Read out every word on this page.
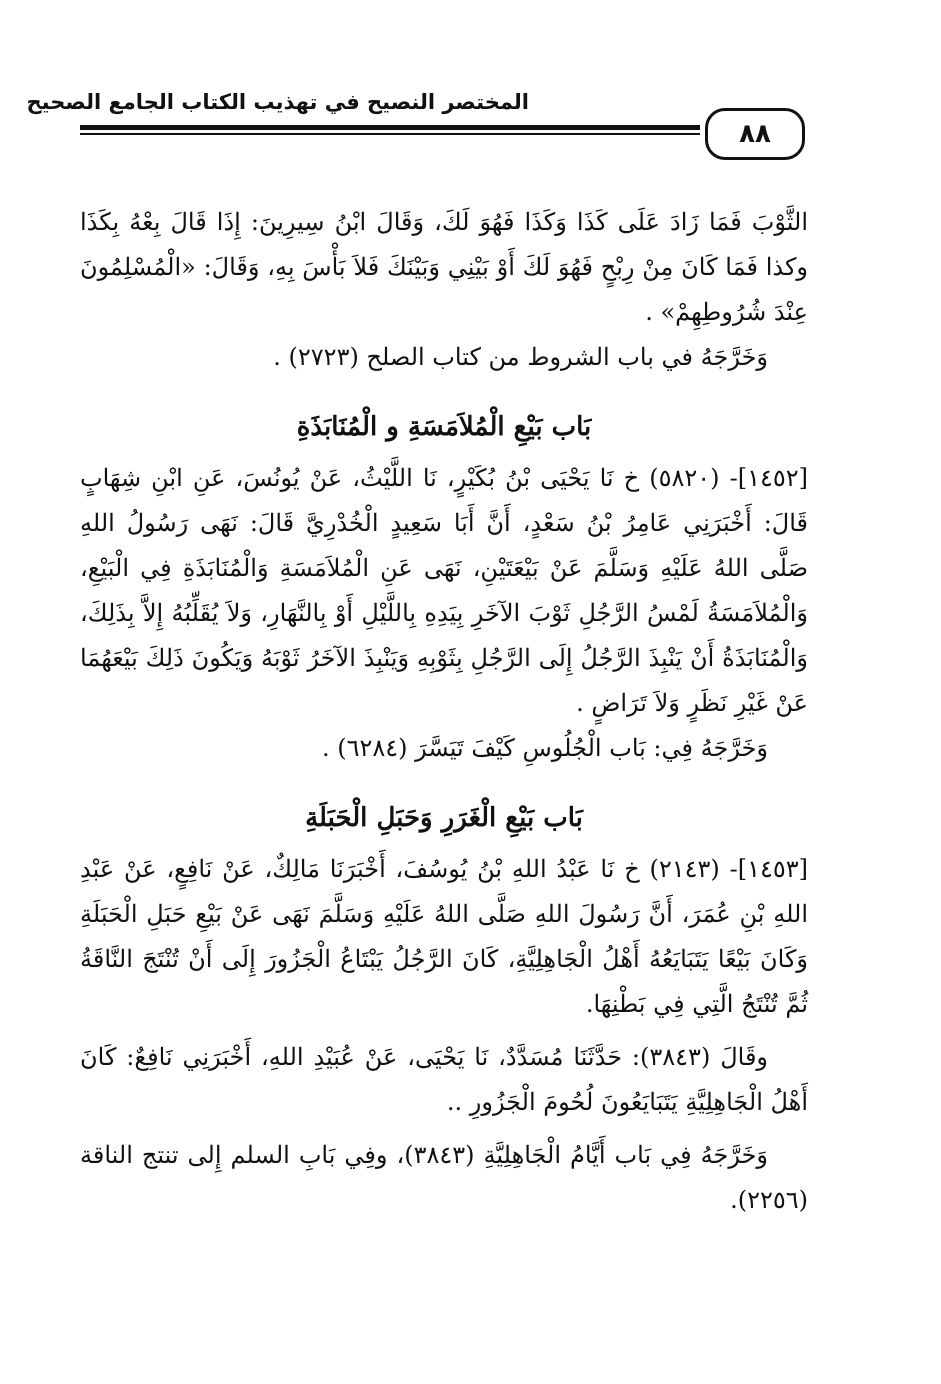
المختصر النصيح في تهذيب الكتاب الجامع الصحيح
٨٨

الثَّوْبَ فَمَا زَادَ عَلَى كَذَا وَكَذَا فَهُوَ لَكَ، وَقَالَ ابْنُ سِيرِينَ: إِذَا قَالَ بِعْهُ بِكَذَا وكذا فَمَا كَانَ مِنْ رِبْحٍ فَهُوَ لَكَ أَوْ بَيْنِي وَبَيْنَكَ فَلاَ بَأْسَ بِهِ، وَقَالَ: «الْمُسْلِمُونَ عِنْدَ شُرُوطِهِمْ» .

وَخَرَّجَهُ في باب الشروط من كتاب الصلح (٢٧٢٣) .

بَاب بَيْعِ الْمُلاَمَسَةِ و الْمُنَابَذَةِ

[١٤٥٢]- (٥٨٢٠) خ نَا يَحْيَى بْنُ بُكَيْرٍ، نَا اللَّيْثُ، عَنْ يُونُسَ، عَنِ ابْنِ شِهَابٍ قَالَ: أَخْبَرَنِي عَامِرُ بْنُ سَعْدٍ، أَنَّ أَبَا سَعِيدٍ الْخُدْرِيَّ قَالَ: نَهَى رَسُولُ اللهِ صَلَّى اللهُ عَلَيْهِ وَسَلَّمَ عَنْ بَيْعَتَيْنِ، نَهَى عَنِ الْمُلاَمَسَةِ وَالْمُنَابَذَةِ فِي الْبَيْعِ، وَالْمُلاَمَسَةُ لَمْسُ الرَّجُلِ ثَوْبَ الآخَرِ بِيَدِهِ بِاللَّيْلِ أَوْ بِالنَّهَارِ، وَلاَ يُقَلِّبُهُ إِلاَّ بِذَلِكَ، وَالْمُنَابَذَةُ أَنْ يَنْبِذَ الرَّجُلُ إِلَى الرَّجُلِ بِثَوْبِهِ وَيَنْبِذَ الآخَرُ ثَوْبَهُ وَيَكُونَ ذَلِكَ بَيْعَهُمَا عَنْ غَيْرِ نَظَرٍ وَلاَ تَرَاضٍ .

وَخَرَّجَهُ فِي: بَاب الْجُلُوسِ كَيْفَ تَيَسَّرَ (٦٢٨٤) .

بَاب بَيْعِ الْغَرَرِ وَحَبَلِ الْحَبَلَةِ

[١٤٥٣]- (٢١٤٣) خ نَا عَبْدُ اللهِ بْنُ يُوسُفَ، أَخْبَرَنَا مَالِكٌ، عَنْ نَافِعٍ، عَنْ عَبْدِ اللهِ بْنِ عُمَرَ، أَنَّ رَسُولَ اللهِ صَلَّى اللهُ عَلَيْهِ وَسَلَّمَ نَهَى عَنْ بَيْعِ حَبَلِ الْحَبَلَةِ وَكَانَ بَيْعًا يَتَبَايَعُهُ أَهْلُ الْجَاهِلِيَّةِ، كَانَ الرَّجُلُ يَبْتَاعُ الْجَزُورَ إِلَى أَنْ تُنْتَجَ النَّاقَةُ ثُمَّ تُنْتَجُ الَّتِي فِي بَطْنِهَا.

وقَالَ (٣٨٤٣): حَدَّثَنَا مُسَدَّدٌ، نَا يَحْيَى، عَنْ عُبَيْدِ اللهِ، أَخْبَرَنِي نَافِعٌ: كَانَ أَهْلُ الْجَاهِلِيَّةِ يَتَبَايَعُونَ لُحُومَ الْجَزُورِ ..

وَخَرَّجَهُ فِي بَاب أَيَّامُ الْجَاهِلِيَّةِ (٣٨٤٣)، وفِي بَابِ السلم إِلى تنتج الناقة (٢٢٥٦).
